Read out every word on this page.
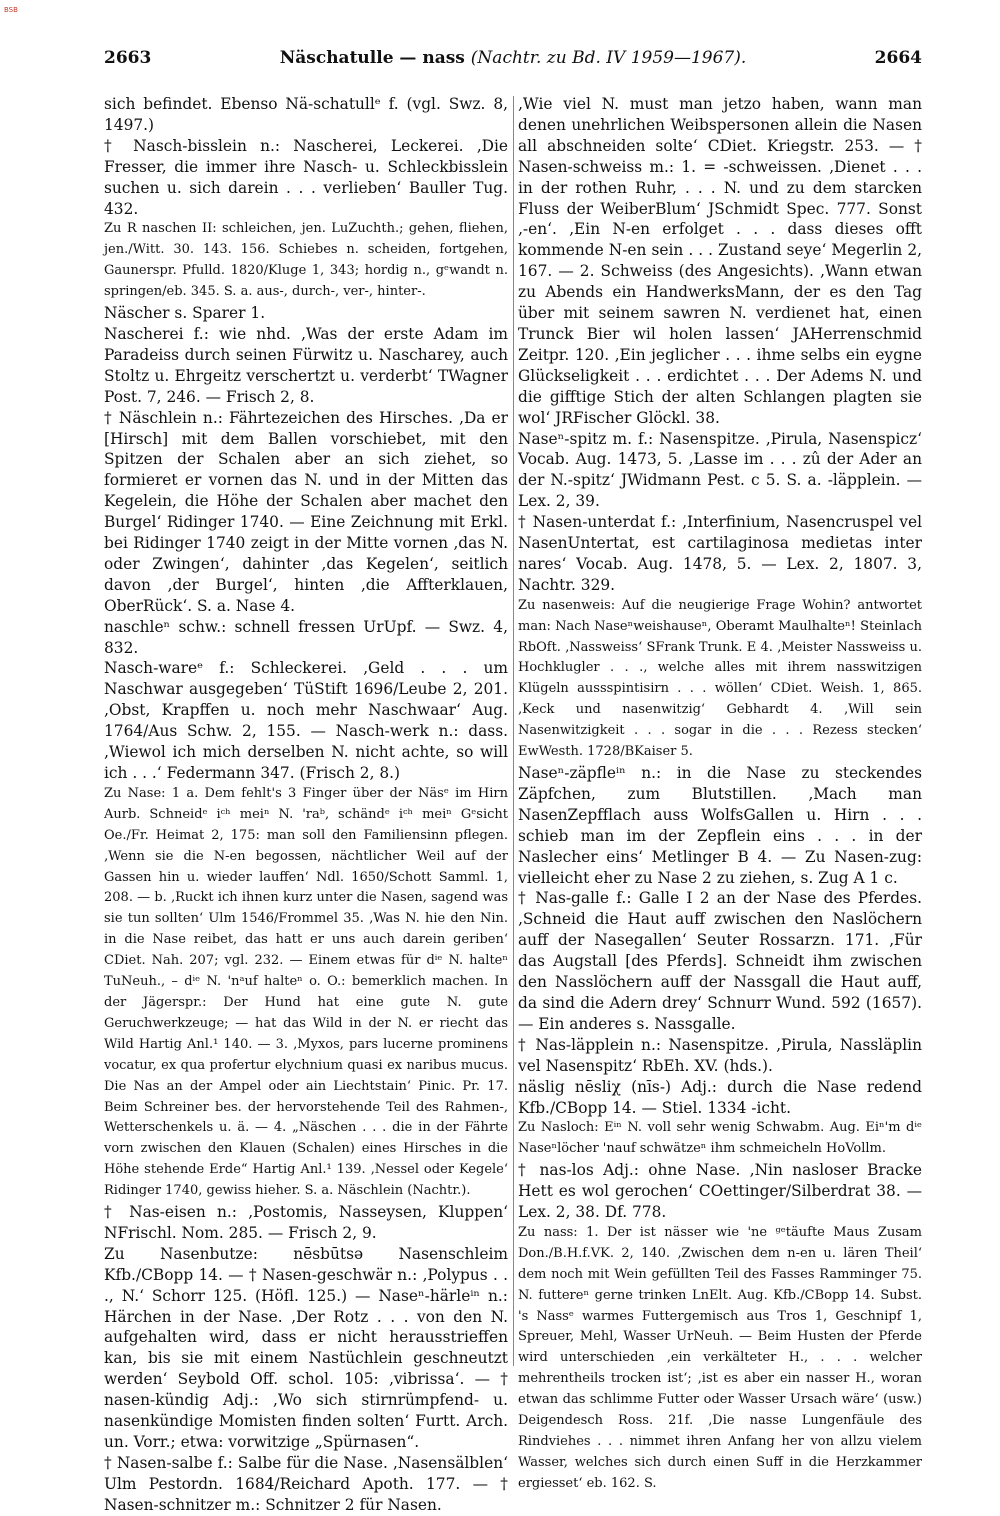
BSB
2663	Näschatulle — nass (Nachtr. zu Bd. IV 1959—1967).	2664

sich befindet. Ebenso Nä-schatullᵉ f. (vgl. Swz. 8, 1497.)

† Nasch-bisslein n.: Nascherei, Leckerei. ‚Die Fresser, die immer ihre Nasch- u. Schleckbisslein suchen u. sich darein . . . verlieben‘ Bauller Tug. 432.

Zu R naschen II: schleichen, jen. LuZuchth.; gehen, fliehen, jen./Witt. 30. 143. 156. Schiebes n. scheiden, fortgehen, Gaunerspr. Pfulld. 1820/Kluge 1, 343; hordig n., gᵉwandt n. springen/eb. 345. S. a. aus-, durch-, ver-, hinter-.

Näscher s. Sparer 1.

Nascherei f.: wie nhd. ‚Was der erste Adam im Paradeiss durch seinen Fürwitz u. Nascharey, auch Stoltz u. Ehrgeitz verschertzt u. verderbt‘ TWagner Post. 7, 246. — Frisch 2, 8.

† Näschlein n.: Fährtezeichen des Hirsches. ‚Da er [Hirsch] mit dem Ballen vorschiebet, mit den Spitzen der Schalen aber an sich ziehet, so formieret er vornen das N. und in der Mitten das Kegelein, die Höhe der Schalen aber machet den Burgel‘ Ridinger 1740. — Eine Zeichnung mit Erkl. bei Ridinger 1740 zeigt in der Mitte vornen ‚das N. oder Zwingen‘, dahinter ‚das Kegelen‘, seitlich davon ‚der Burgel‘, hinten ‚die Affterklauen, OberRück‘. S. a. Nase 4.

naschleⁿ schw.: schnell fressen UrUpf. — Swz. 4, 832.

Nasch-wareᵉ f.: Schleckerei. ‚Geld . . . um Naschwar ausgegeben‘ TüStift 1696/Leube 2, 201. ‚Obst, Krapffen u. noch mehr Naschwaar‘ Aug. 1764/Aus Schw. 2, 155. — Nasch-werk n.: dass. ‚Wiewol ich mich derselben N. nicht achte, so will ich . . .‘ Federmann 347. (Frisch 2, 8.)

Zu Nase: 1 a. Dem fehlt's 3 Finger über der Näsᵉ im Hirn Aurb. Schneidᵉ iᶜʰ meiⁿ N. 'raᵇ, schändᵉ iᶜʰ meiⁿ Gᵉsicht Oe./Fr. Heimat 2, 175: man soll den Familiensinn pflegen. ‚Wenn sie die N-en begossen, nächtlicher Weil auf der Gassen hin u. wieder lauffen‘ Ndl. 1650/Schott Samml. 1, 208. — b. ‚Ruckt ich ihnen kurz unter die Nasen, sagend was sie tun sollten‘ Ulm 1546/Frommel 35. ‚Was N. hie den Nin. in die Nase reibet, das hatt er uns auch darein geriben‘ CDiet. Nah. 207; vgl. 232. — Einem etwas für dⁱᵉ N. halteⁿ TuNeuh., – dⁱᵉ N. 'nᵃuf halteⁿ o. O.: bemerklich machen. In der Jägerspr.: Der Hund hat eine gute N. gute Geruchwerkzeuge; — hat das Wild in der N. er riecht das Wild Hartig Anl.¹ 140. — 3. ‚Myxos, pars lucerne prominens vocatur, ex qua profertur elychnium quasi ex naribus mucus. Die Nas an der Ampel oder ain Liechtstain‘ Pinic. Pr. 17. Beim Schreiner bes. der hervorstehende Teil des Rahmen-, Wetterschenkels u. ä. — 4. „Näschen . . . die in der Fährte vorn zwischen den Klauen (Schalen) eines Hirsches in die Höhe stehende Erde“ Hartig Anl.¹ 139. ‚Nessel oder Kegele‘ Ridinger 1740, gewiss hieher. S. a. Näschlein (Nachtr.).

† Nas-eisen n.: ‚Postomis, Nasseysen, Kluppen‘ NFrischl. Nom. 285. — Frisch 2, 9.

Zu Nasenbutze: nēsbūtsə Nasenschleim Kfb./CBopp 14. — † Nasen-geschwär n.: ‚Polypus . . ., N.‘ Schorr 125. (Höfl. 125.) — Naseⁿ-härleⁱⁿ n.: Härchen in der Nase. ‚Der Rotz . . . von den N. aufgehalten wird, dass er nicht herausstrieffen kan, bis sie mit einem Nastüchlein geschneutzt werden‘ Seybold Off. schol. 105: ‚vibrissa‘. — † nasen-kündig Adj.: ‚Wo sich stirnrümpfend- u. nasenkündige Momisten finden solten‘ Furtt. Arch. un. Vorr.; etwa: vorwitzige „Spürnasen“.

† Nasen-salbe f.: Salbe für die Nase. ‚Nasensälblen‘ Ulm Pestordn. 1684/Reichard Apoth. 177. — † Nasen-schnitzer m.: Schnitzer 2 für Nasen.

‚Wie viel N. must man jetzo haben, wann man denen unehrlichen Weibspersonen allein die Nasen all abschneiden solte‘ CDiet. Kriegstr. 253. — † Nasen-schweiss m.: 1. = -schweissen. ‚Dienet . . . in der rothen Ruhr, . . . N. und zu dem starcken Fluss der WeiberBlum‘ JSchmidt Spec. 777. Sonst ‚-en‘. ‚Ein N-en erfolget . . . dass dieses offt kommende N-en sein . . . Zustand seye‘ Megerlin 2, 167. — 2. Schweiss (des Angesichts). ‚Wann etwan zu Abends ein HandwerksMann, der es den Tag über mit seinem sawren N. verdienet hat, einen Trunck Bier wil holen lassen‘ JAHerrenschmid Zeitpr. 120. ‚Ein jeglicher . . . ihme selbs ein eygne Glückseligkeit . . . erdichtet . . . Der Adems N. und die gifftige Stich der alten Schlangen plagten sie wol‘ JRFischer Glöckl. 38.

Naseⁿ-spitz m. f.: Nasenspitze. ‚Pirula, Nasenspicz‘ Vocab. Aug. 1473, 5. ‚Lasse im . . . zû der Ader an der N.-spitz‘ JWidmann Pest. c 5. S. a. -läpplein. — Lex. 2, 39.

† Nasen-unterdat f.: ‚Interfinium, Nasencruspel vel NasenUntertat, est cartilaginosa medietas inter nares‘ Vocab. Aug. 1478, 5. — Lex. 2, 1807. 3, Nachtr. 329.

Zu nasenweis: Auf die neugierige Frage Wohin? antwortet man: Nach Naseⁿweishauseⁿ, Oberamt Maulhalteⁿ! Steinlach RbOft. ‚Nassweiss‘ SFrank Trunk. E 4. ‚Meister Nassweiss u. Hochklugler . . .‚ welche alles mit ihrem nasswitzigen Klügeln aussspintisirn . . . wöllen‘ CDiet. Weish. 1, 865. ‚Keck und nasenwitzig‘ Gebhardt 4. ‚Will sein Nasenwitzigkeit . . . sogar in die . . . Rezess stecken‘ EwWesth. 1728/BKaiser 5.

Naseⁿ-zäpfleⁱⁿ n.: in die Nase zu steckendes Zäpfchen, zum Blutstillen. ‚Mach man NasenZepfflach auss WolfsGallen u. Hirn . . . schieb man im der Zepflein eins . . . in der Naslecher eins‘ Metlinger B 4. — Zu Nasen-zug: vielleicht eher zu Nase 2 zu ziehen, s. Zug A 1 c.

† Nas-galle f.: Galle I 2 an der Nase des Pferdes. ‚Schneid die Haut auff zwischen den Naslöchern auff der Nasegallen‘ Seuter Rossarzn. 171. ‚Für das Augstall [des Pferds]. Schneidt ihm zwischen den Nasslöchern auff der Nassgall die Haut auff, da sind die Adern drey‘ Schnurr Wund. 592 (1657). — Ein anderes s. Nassgalle.

† Nas-läpplein n.: Nasenspitze. ‚Pirula, Nassläplin vel Nasenspitz‘ RbEh. XV. (hds.).

näslig nēsliχ (nīs-) Adj.: durch die Nase redend Kfb./CBopp 14. — Stiel. 1334 -icht.

Zu Nasloch: Eⁱⁿ N. voll sehr wenig Schwabm. Aug. Eiⁿ'm dⁱᵉ Naseⁿlöcher 'nauf schwätzeⁿ ihm schmeicheln HoVollm.

† nas-los Adj.: ohne Nase. ‚Nin nasloser Bracke Hett es wol gerochen‘ COettinger/Silberdrat 38. — Lex. 2, 38. Df. 778.

Zu nass: 1. Der ist nässer wie 'ne ᵍᵉtäufte Maus Zusam Don./B.H.f.VK. 2, 140. ‚Zwischen dem n-en u. lären Theil‘ dem noch mit Wein gefüllten Teil des Fasses Ramminger 75. N. futtereⁿ gerne trinken LnElt. Aug. Kfb./CBopp 14. Subst. 's Nassᵉ warmes Futtergemisch aus Tros 1, Geschnipf 1, Spreuer, Mehl, Wasser UrNeuh. — Beim Husten der Pferde wird unterschieden ‚ein verkälteter H., . . . welcher mehrentheils trocken ist‘; ‚ist es aber ein nasser H., woran etwan das schlimme Futter oder Wasser Ursach wäre‘ (usw.) Deigendesch Ross. 21f. ‚Die nasse Lungenfäule des Rindviehes . . . nimmet ihren Anfang her von allzu vielem Wasser, welches sich durch einen Suff in die Herzkammer ergiesset‘ eb. 162. S.
